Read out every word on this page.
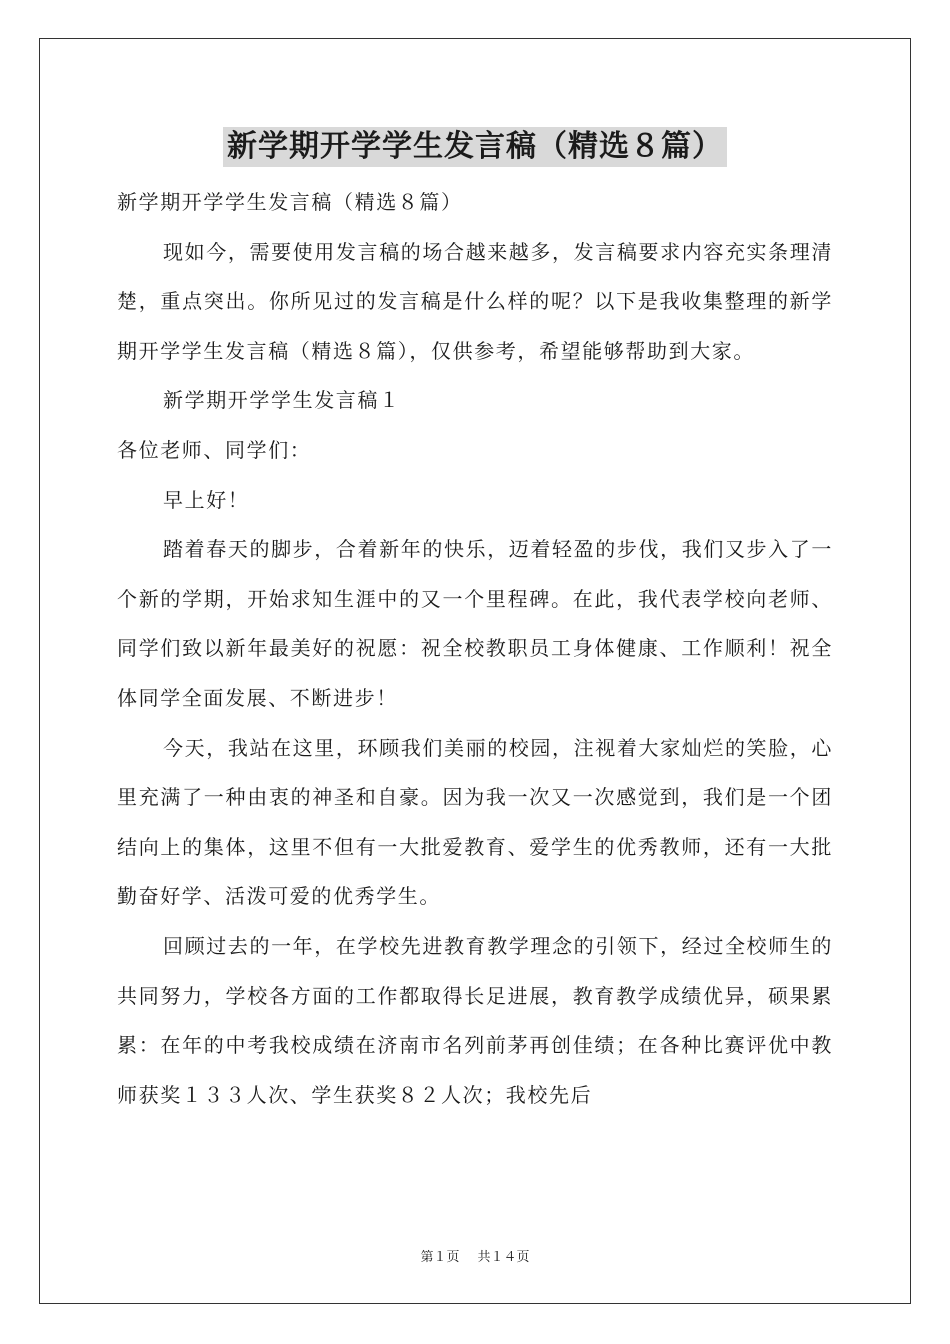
新学期开学学生发言稿（精选８篇）

新学期开学学生发言稿（精选８篇）

现如今，需要使用发言稿的场合越来越多，发言稿要求内容充实条理清楚，重点突出。你所见过的发言稿是什么样的呢？以下是我收集整理的新学期开学学生发言稿（精选８篇），仅供参考，希望能够帮助到大家。

新学期开学学生发言稿１

各位老师、同学们：

早上好！

踏着春天的脚步，合着新年的快乐，迈着轻盈的步伐，我们又步入了一个新的学期，开始求知生涯中的又一个里程碑。在此，我代表学校向老师、同学们致以新年最美好的祝愿：祝全校教职员工身体健康、工作顺利！祝全体同学全面发展、不断进步！

今天，我站在这里，环顾我们美丽的校园，注视着大家灿烂的笑脸，心里充满了一种由衷的神圣和自豪。因为我一次又一次感觉到，我们是一个团结向上的集体，这里不但有一大批爱教育、爱学生的优秀教师，还有一大批勤奋好学、活泼可爱的优秀学生。

回顾过去的一年，在学校先进教育教学理念的引领下，经过全校师生的共同努力，学校各方面的工作都取得长足进展，教育教学成绩优异，硕果累累：在年的中考我校成绩在济南市名列前茅再创佳绩；在各种比赛评优中教师获奖１３３人次、学生获奖８２人次；我校先后

第１页 共１４页
